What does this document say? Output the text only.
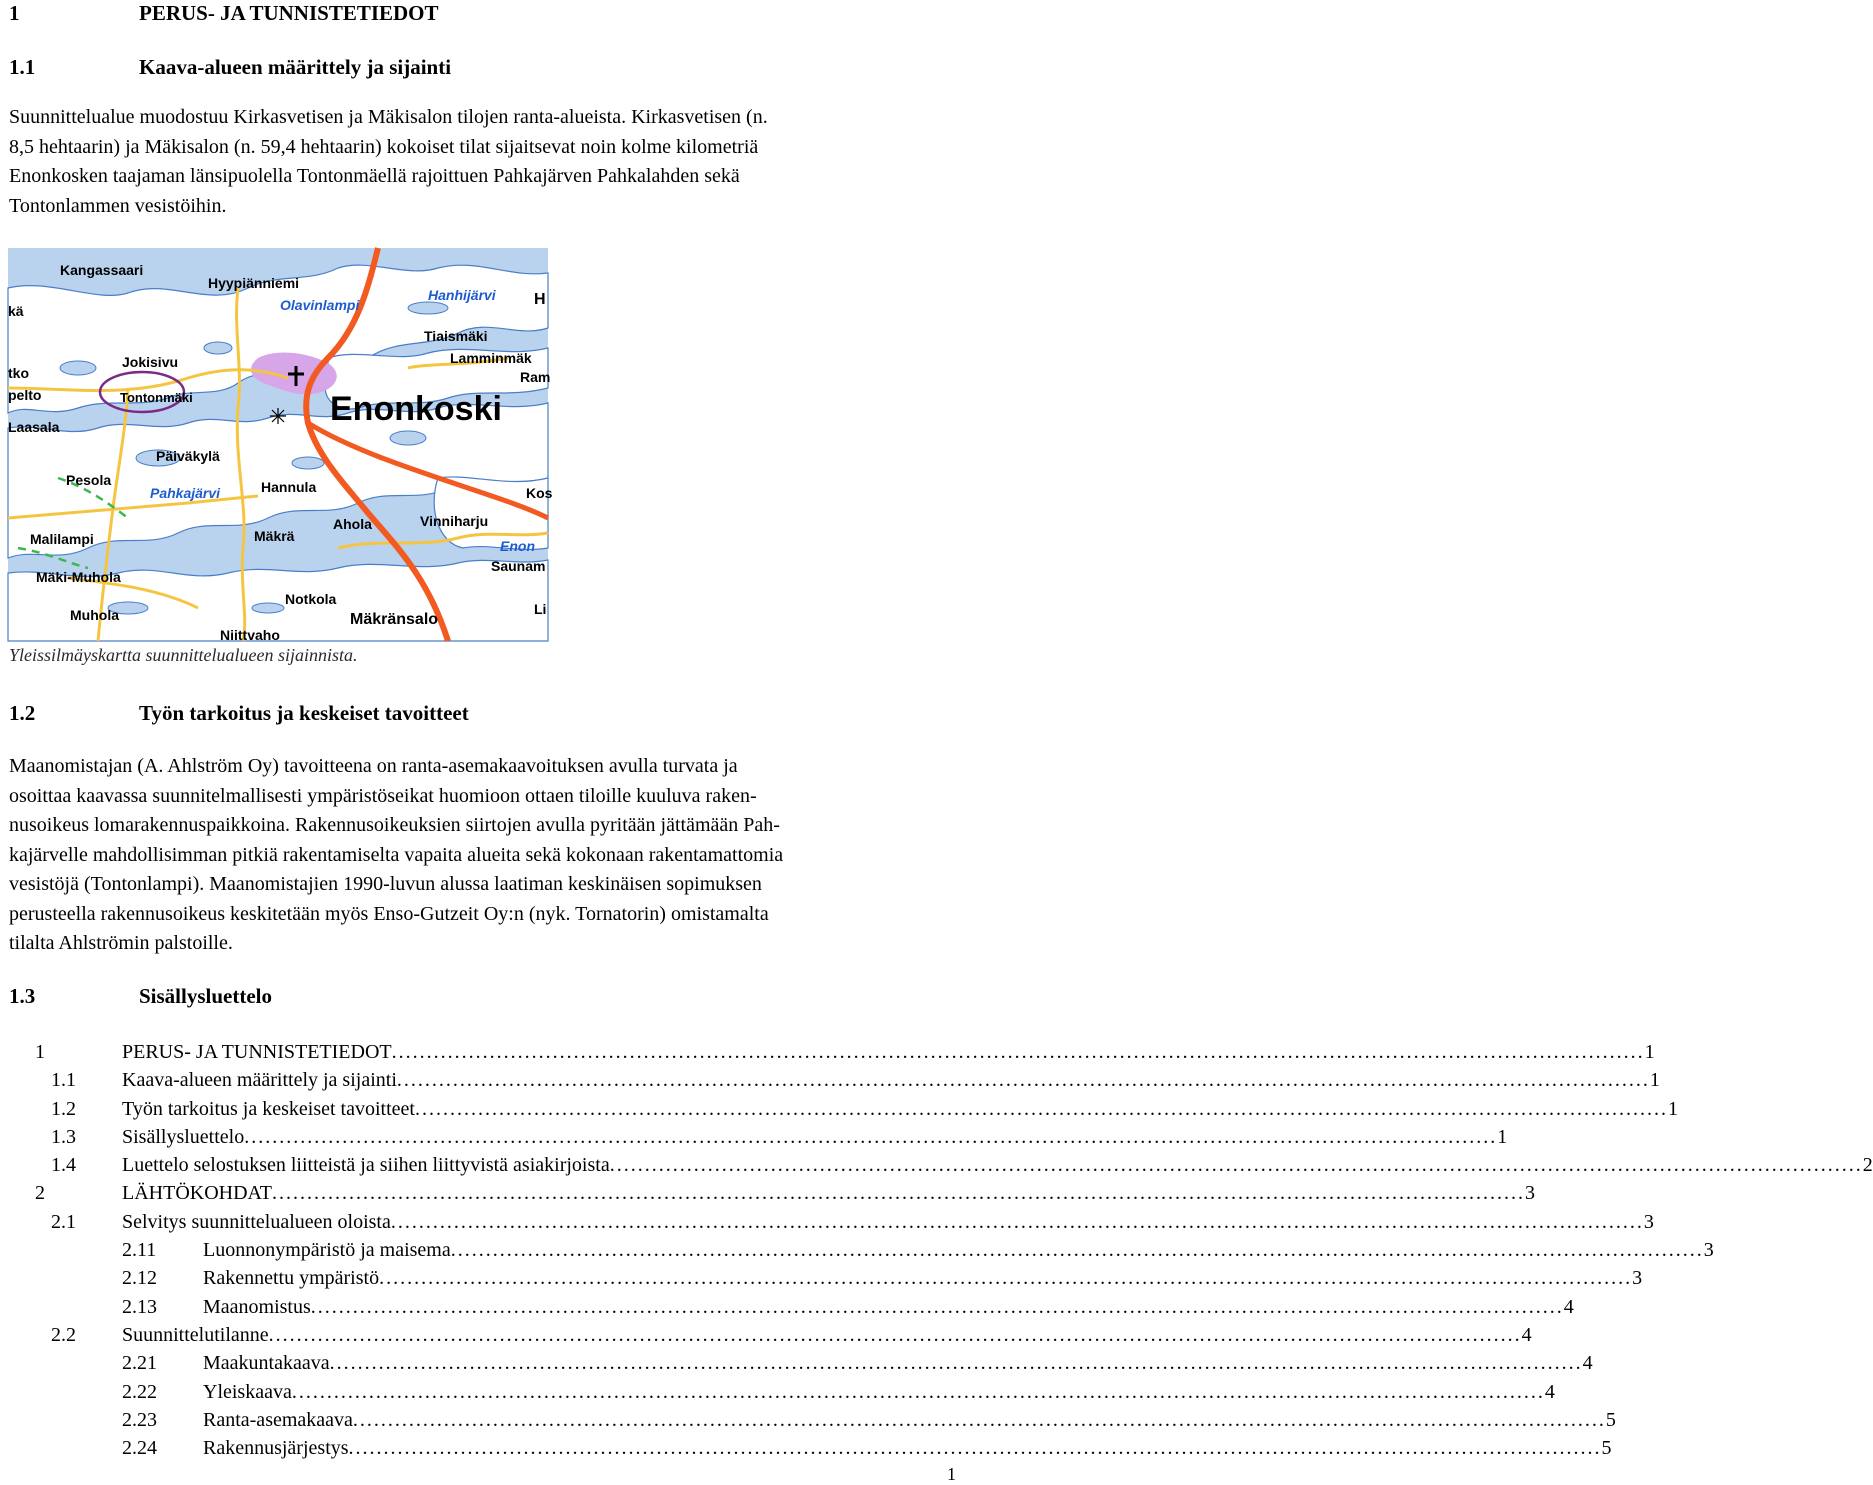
1	PERUS- JA TUNNISTETIEDOT
1.1	Kaava-alueen määrittely ja sijainti
Suunnittelualue muodostuu Kirkasvetisen ja Mäkisalon tilojen ranta-alueista. Kirkasvetisen (n.
8,5 hehtaarin) ja Mäkisalon (n. 59,4 hehtaarin) kokoiset tilat sijaitsevat noin kolme kilometriä
Enonkosken taajaman länsipuolella Tontonmäellä rajoittuen Pahkajärven Pahkalahden sekä
Tontonlammen vesistöihin.
Kangassaari
Hyypiänniemi
kä
Tiaismäki
Lamminmäk
Ram
Jokisivu
tko
pelto	Tontonmäki
Laasala
Päiväkylä
Pesola	Hannula	Kos
Malilampi	Mäkrä
Ahola	Vinniharju
Saunam
Mäki-Muhola
Notkola
Muhola	Mäkränsalo
Niittvaho
Li
H
Enonkoski
Olavinlampi
Hanhijärvi
Pahkajärvi
Enon
Yleissilmäyskartta suunnittelualueen sijainnista.
1.2	Työn tarkoitus ja keskeiset tavoitteet
Maanomistajan (A. Ahlström Oy) tavoitteena on ranta-asemakaavoituksen avulla turvata ja
osoittaa kaavassa suunnitelmallisesti ympäristöseikat huomioon ottaen tiloille kuuluva raken-
nusoikeus lomarakennuspaikkoina. Rakennusoikeuksien siirtojen avulla pyritään jättämään Pah-
kajärvelle mahdollisimman pitkiä rakentamiselta vapaita alueita sekä kokonaan rakentamattomia
vesistöjä (Tontonlampi). Maanomistajien 1990-luvun alussa laatiman keskinäisen sopimuksen
perusteella rakennusoikeus keskitetään myös Enso-Gutzeit Oy:n (nyk. Tornatorin) omistamalta
tilalta Ahlströmin palstoille.
1.3	Sisällysluettelo
1	PERUS- JA TUNNISTETIEDOT . . .	1
1.1 Kaava-alueen määrittely ja sijainti . . .	1
1.2 Työn tarkoitus ja keskeiset tavoitteet . . .	1
1.3 Sisällysluettelo . . .	1
1.4 Luettelo selostuksen liitteistä ja siihen liittyvistä asiakirjoista . . .	2
2	LÄHTÖKOHDAT . . .	3
2.1 Selvitys suunnittelualueen oloista . . .	3
2.11 Luonnonympäristö ja maisema . . .	3
2.12 Rakennettu ympäristö . . .	3
2.13 Maanomistus . . .	4
2.2 Suunnittelutilanne . . .	4
2.21 Maakuntakaava . . .	4
2.22 Yleiskaava . . .	4
2.23 Ranta-asemakaava . . .	5
2.24 Rakennusjärjestys . . .	5
1
